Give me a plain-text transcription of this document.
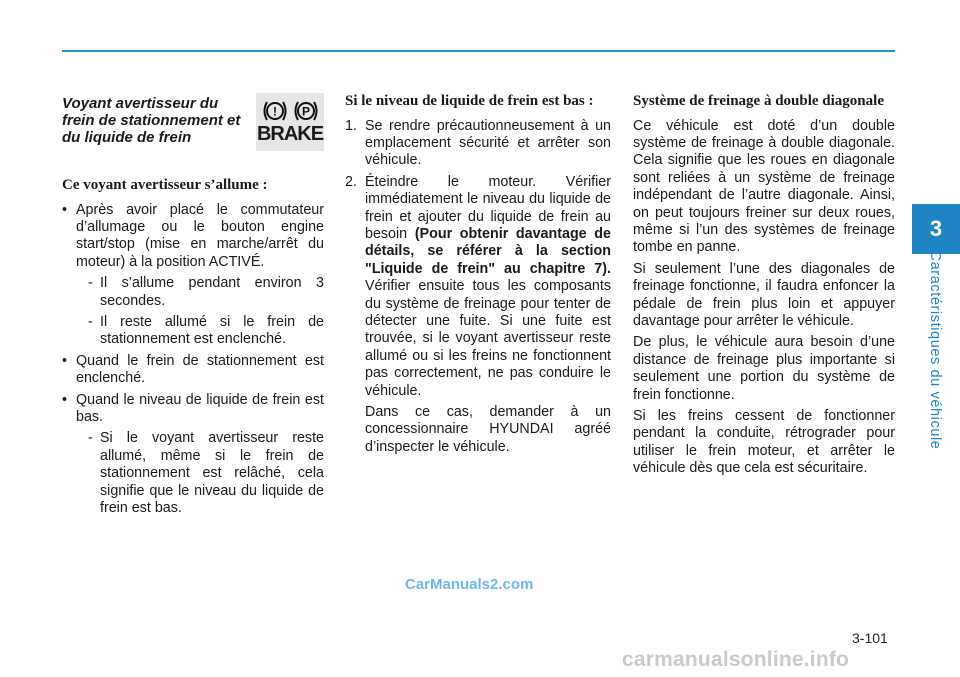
3
Caractéristiques du véhicule
Voyant avertisseur du frein de stationnement et du liquide de frein
! P
BRAKE
Ce voyant avertisseur s’allume :
• Après avoir placé le commutateur d’allumage ou le bouton engine start/stop (mise en marche/arrêt du moteur) à la position ACTIVÉ.
- Il s’allume pendant environ 3 secondes.
- Il reste allumé si le frein de stationnement est enclenché.
• Quand le frein de stationnement est enclenché.
• Quand le niveau de liquide de frein est bas.
- Si le voyant avertisseur reste allumé, même si le frein de stationnement est relâché, cela signifie que le niveau du liquide de frein est bas.
Si le niveau de liquide de frein est bas :
1. Se rendre précautionneusement à un emplacement sécurité et arrêter son véhicule.
2. Éteindre le moteur. Vérifier immédiatement le niveau du liquide de frein et ajouter du liquide de frein au besoin (Pour obtenir davantage de détails, se référer à la section "Liquide de frein" au chapitre 7). Vérifier ensuite tous les composants du système de freinage pour tenter de détecter une fuite. Si une fuite est trouvée, si le voyant avertisseur reste allumé ou si les freins ne fonctionnent pas correctement, ne pas conduire le véhicule.

Dans ce cas, demander à un concessionnaire HYUNDAI agréé d’inspecter le véhicule.

Système de freinage à double diagonale

Ce véhicule est doté d’un double système de freinage à double diagonale. Cela signifie que les roues en diagonale sont reliées à un système de freinage indépendant de l’autre diagonale. Ainsi, on peut toujours freiner sur deux roues, même si l’un des systèmes de freinage tombe en panne.

Si seulement l’une des diagonales de freinage fonctionne, il faudra enfoncer la pédale de frein plus loin et appuyer davantage pour arrêter le véhicule.

De plus, le véhicule aura besoin d’une distance de freinage plus importante si seulement une portion du système de frein fonctionne.

Si les freins cessent de fonctionner pendant la conduite, rétrograder pour utiliser le frein moteur, et arrêter le véhicule dès que cela est sécuritaire.

CarManuals2.com
3-101
carmanualsonline.info
